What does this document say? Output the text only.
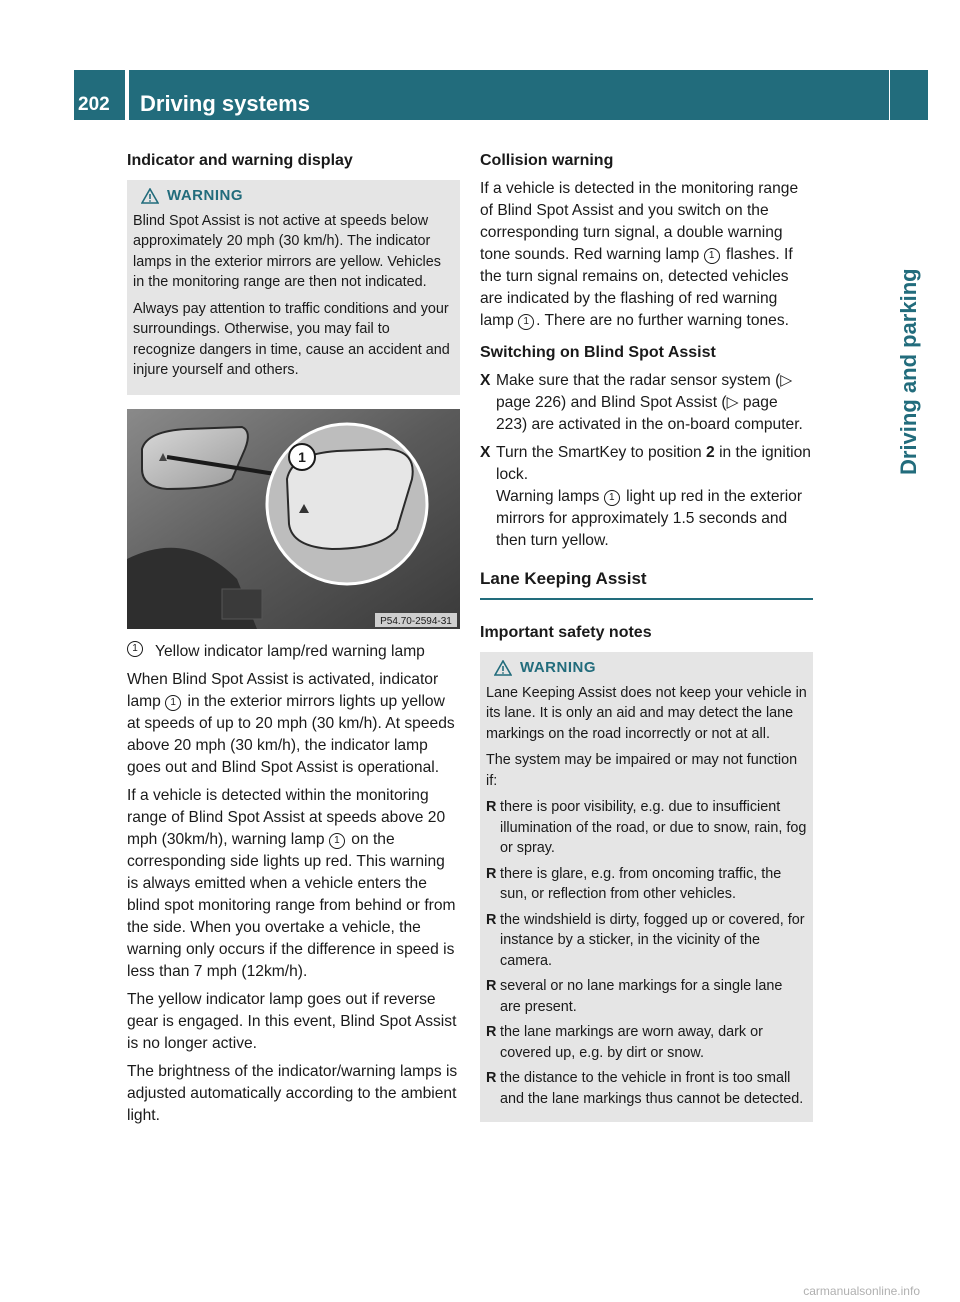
202 Driving systems
Driving and parking
Indicator and warning display
WARNING

Blind Spot Assist is not active at speeds below approximately 20 mph (30 km/h). The indicator lamps in the exterior mirrors are yellow. Vehicles in the monitoring range are then not indicated.

Always pay attention to traffic conditions and your surroundings. Otherwise, you may fail to recognize dangers in time, cause an accident and injure yourself and others.

1
P54.70-2594-31
1	Yellow indicator lamp/red warning lamp

When Blind Spot Assist is activated, indicator lamp 1 in the exterior mirrors lights up yellow at speeds of up to 20 mph (30 km/h). At speeds above 20 mph (30 km/h), the indicator lamp goes out and Blind Spot Assist is operational.

If a vehicle is detected within the monitoring range of Blind Spot Assist at speeds above 20 mph (30km/h), warning lamp 1 on the corresponding side lights up red. This warning is always emitted when a vehicle enters the blind spot monitoring range from behind or from the side. When you overtake a vehicle, the warning only occurs if the difference in speed is less than 7 mph (12km/h).

The yellow indicator lamp goes out if reverse gear is engaged. In this event, Blind Spot Assist is no longer active.

The brightness of the indicator/warning lamps is adjusted automatically according to the ambient light.

Collision warning

If a vehicle is detected in the monitoring range of Blind Spot Assist and you switch on the corresponding turn signal, a double warning tone sounds. Red warning lamp 1 flashes. If the turn signal remains on, detected vehicles are indicated by the flashing of red warning lamp 1 . There are no further warning tones.

Switching on Blind Spot Assist
X Make sure that the radar sensor system (▷ page 226) and Blind Spot Assist (▷ page 223) are activated in the on-board computer.
X Turn the SmartKey to position 2 in the ignition lock.
Warning lamps 1 light up red in the exterior mirrors for approximately 1.5 seconds and then turn yellow.
Lane Keeping Assist
Important safety notes
WARNING

Lane Keeping Assist does not keep your vehicle in its lane. It is only an aid and may detect the lane markings on the road incorrectly or not at all.

The system may be impaired or may not function if:

R there is poor visibility, e.g. due to insufficient illumination of the road, or due to snow, rain, fog or spray.
R there is glare, e.g. from oncoming traffic, the sun, or reflection from other vehicles.
R the windshield is dirty, fogged up or covered, for instance by a sticker, in the vicinity of the camera.
R several or no lane markings for a single lane are present.
R the lane markings are worn away, dark or covered up, e.g. by dirt or snow.
R the distance to the vehicle in front is too small and the lane markings thus cannot be detected.
carmanualsonline.info
